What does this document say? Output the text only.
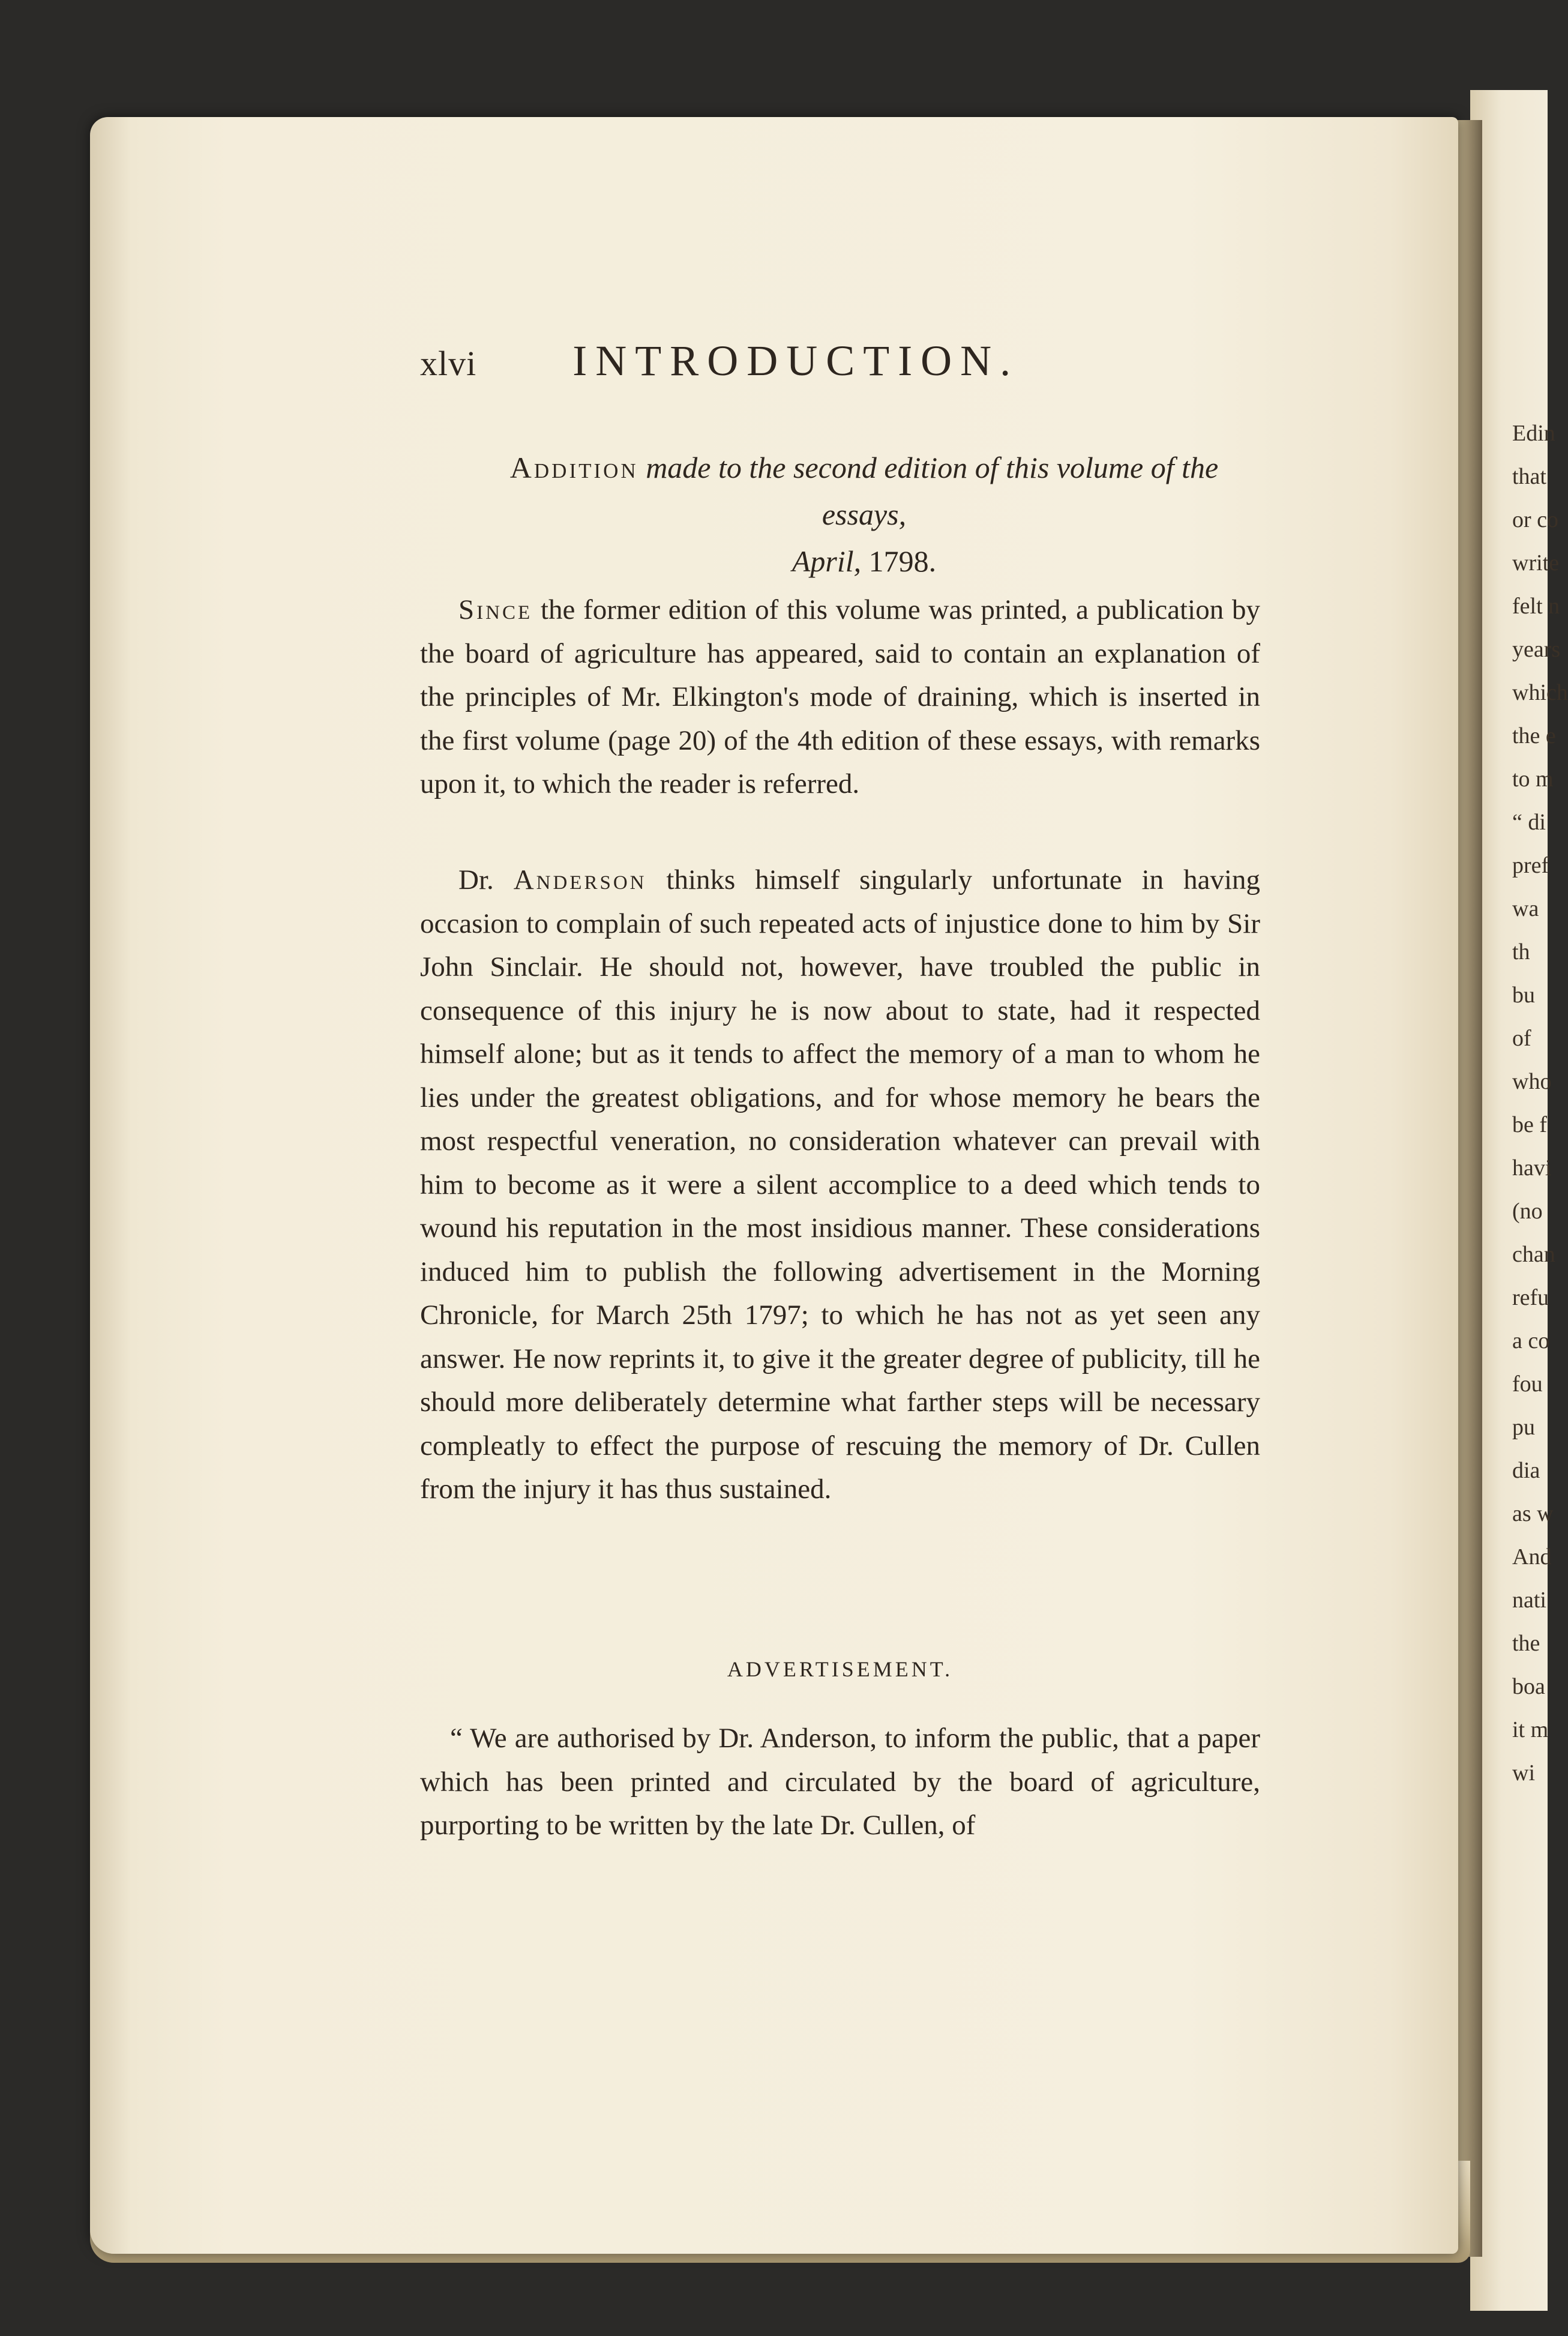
Edin
that
or co
write
felt n
years
which
the e
to m
“ di
pref
wa
th
bu
of
who
be f
havi
(no
chan
refu
a co
fou
pu
dia
as w
And
nati
the
boa
it m
wi
xlvi INTRODUCTION.
Addition made to the second edition of this volume of the essays,
April, 1798.
Since the former edition of this volume was printed, a publication by the board of agriculture has appeared, said to contain an explanation of the principles of Mr. Elkington's mode of draining, which is inserted in the first volume (page 20) of the 4th edition of these essays, with remarks upon it, to which the reader is referred.
Dr. Anderson thinks himself singularly unfortunate in having occasion to complain of such repeated acts of injustice done to him by Sir John Sinclair. He should not, however, have troubled the public in consequence of this injury he is now about to state, had it respected himself alone; but as it tends to affect the memory of a man to whom he lies under the greatest obligations, and for whose memory he bears the most respectful veneration, no consideration whatever can prevail with him to become as it were a silent accomplice to a deed which tends to wound his reputation in the most insidious manner. These considerations induced him to publish the following advertisement in the Morning Chronicle, for March 25th 1797; to which he has not as yet seen any answer. He now reprints it, to give it the greater degree of publicity, till he should more deliberately determine what farther steps will be necessary compleatly to effect the purpose of rescuing the memory of Dr. Cullen from the injury it has thus sustained.
ADVERTISEMENT.
“ We are authorised by Dr. Anderson, to inform the public, that a paper which has been printed and circulated by the board of agriculture, purporting to be written by the late Dr. Cullen, of
